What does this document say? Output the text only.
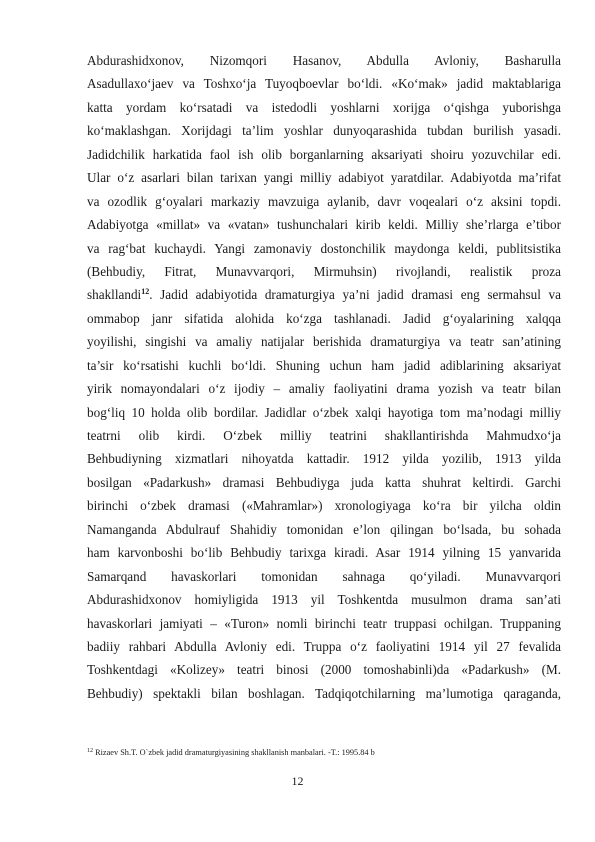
Abdurashidxonov, Nizomqori Hasanov, Abdulla Avloniy, Basharulla
Asadullaxo‘jaev va Toshxo‘ja Tuyoqboevlar bo‘ldi. «Ko‘mak» jadid maktablariga
katta yordam ko‘rsatadi va istedodli yoshlarni xorijga o‘qishga yuborishga
ko‘maklashgan. Xorijdagi ta’lim yoshlar dunyoqarashida tubdan burilish yasadi.
Jadidchilik harkatida faol ish olib borganlarning aksariyati shoiru yozuvchilar edi.
Ular o‘z asarlari bilan tarixan yangi milliy adabiyot yaratdilar. Adabiyotda ma’rifat
va ozodlik g‘oyalari markaziy mavzuiga aylanib, davr voqealari o‘z aksini topdi.
Adabiyotga «millat» va «vatan» tushunchalari kirib keldi. Milliy she’rlarga e’tibor
va rag‘bat kuchaydi. Yangi zamonaviy dostonchilik maydonga keldi, publitsistika
(Behbudiy, Fitrat, Munavvarqori, Mirmuhsin) rivojlandi, realistik proza
shakllandi$^{12}$. Jadid adabiyotida dramaturgiya ya’ni jadid dramasi eng sermahsul va
ommabop janr sifatida alohida ko‘zga tashlanadi. Jadid g‘oyalarining xalqqa
yoyilishi, singishi va amaliy natijalar berishida dramaturgiya va teatr san’atining
ta’sir ko‘rsatishi kuchli bo‘ldi. Shuning uchun ham jadid adiblarining aksariyat
yirik nomayondalari o‘z ijodiy – amaliy faoliyatini drama yozish va teatr bilan
bog‘liq 10 holda olib bordilar. Jadidlar o‘zbek xalqi hayotiga tom ma’nodagi milliy
teatrni olib kirdi. O‘zbek milliy teatrini shakllantirishda Mahmudxo‘ja
Behbudiyning xizmatlari nihoyatda kattadir. 1912 yilda yozilib, 1913 yilda
bosilgan «Padarkush» dramasi Behbudiyga juda katta shuhrat keltirdi. Garchi
birinchi o‘zbek dramasi («Mahramlar») xronologiyaga ko‘ra bir yilcha oldin
Namanganda Abdulrauf Shahidiy tomonidan e’lon qilingan bo‘lsada, bu sohada
ham karvonboshi bo‘lib Behbudiy tarixga kiradi. Asar 1914 yilning 15 yanvarida
Samarqand havaskorlari tomonidan sahnaga qo‘yiladi. Munavvarqori
Abdurashidxonov homiyligida 1913 yil Toshkentda musulmon drama san’ati
havaskorlari jamiyati – «Turon» nomli birinchi teatr truppasi ochilgan. Truppaning
badiiy rahbari Abdulla Avloniy edi. Truppa o‘z faoliyatini 1914 yil 27 fevalida
Toshkentdagi «Kolizey» teatri binosi (2000 tomoshabinli)da «Padarkush» (M.
Behbudiy) spektakli bilan boshlagan. Tadqiqotchilarning ma’lumotiga qaraganda,
$^{12}$ Rizaev Sh.T. O`zbek jadid dramaturgiyasining shakllanish manbalari. -T.: 1995.84 b
12
